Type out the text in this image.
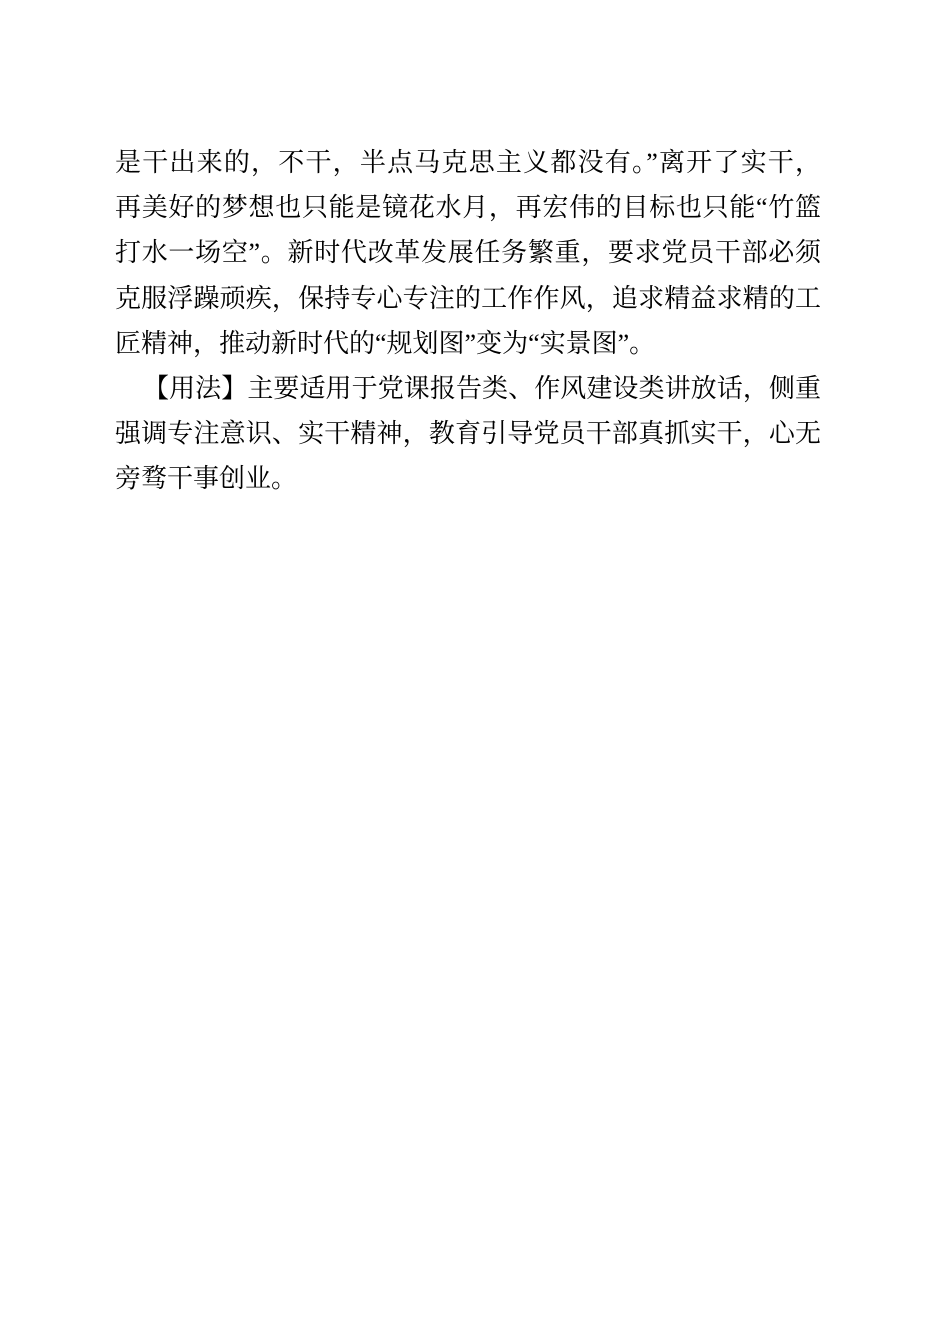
是干出来的，不干，半点马克思主义都没有。”离开了实干，
再美好的梦想也只能是镜花水月，再宏伟的目标也只能“竹篮
打水一场空”。新时代改革发展任务繁重，要求党员干部必须
克服浮躁顽疾，保持专心专注的工作作风，追求精益求精的工
匠精神，推动新时代的“规划图”变为“实景图”。
【用法】主要适用于党课报告类、作风建设类讲放话，侧重
强调专注意识、实干精神，教育引导党员干部真抓实干，心无
旁骛干事创业。
